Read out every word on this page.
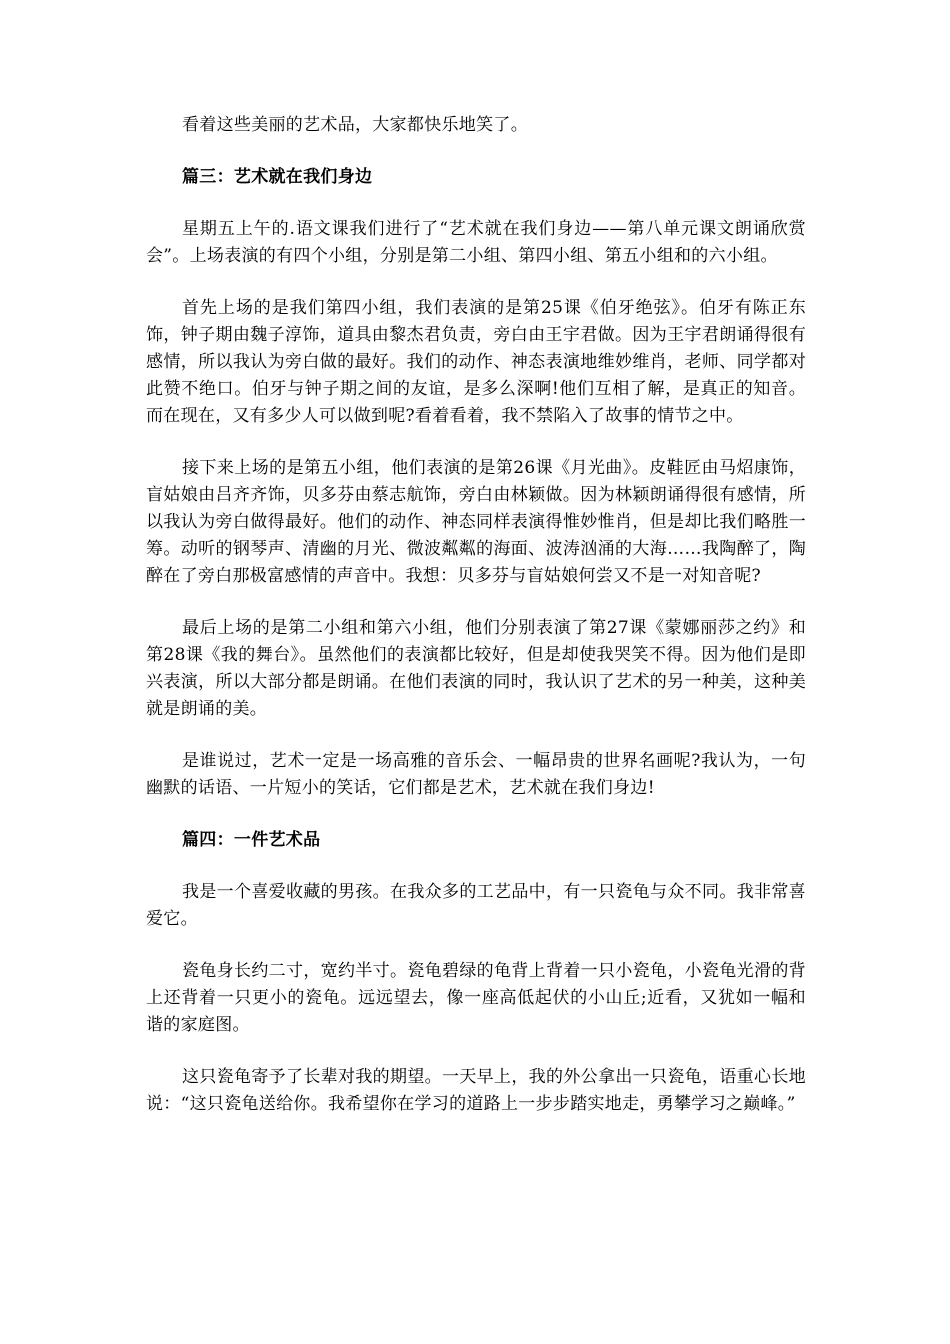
看着这些美丽的艺术品，大家都快乐地笑了。

篇三：艺术就在我们身边

星期五上午的.语文课我们进行了“艺术就在我们身边——第八单元课文朗诵欣赏会”。上场表演的有四个小组，分别是第二小组、第四小组、第五小组和的六小组。

首先上场的是我们第四小组，我们表演的是第25课《伯牙绝弦》。伯牙有陈正东饰，钟子期由魏子淳饰，道具由黎杰君负责，旁白由王宇君做。因为王宇君朗诵得很有感情，所以我认为旁白做的最好。我们的动作、神态表演地维妙维肖，老师、同学都对此赞不绝口。伯牙与钟子期之间的友谊，是多么深啊!他们互相了解，是真正的知音。而在现在，又有多少人可以做到呢?看着看着，我不禁陷入了故事的情节之中。

接下来上场的是第五小组，他们表演的是第26课《月光曲》。皮鞋匠由马炤康饰，盲姑娘由吕齐齐饰，贝多芬由蔡志航饰，旁白由林颖做。因为林颖朗诵得很有感情，所以我认为旁白做得最好。他们的动作、神态同样表演得惟妙惟肖，但是却比我们略胜一筹。动听的钢琴声、清幽的月光、微波粼粼的海面、波涛汹涌的大海……我陶醉了，陶醉在了旁白那极富感情的声音中。我想：贝多芬与盲姑娘何尝又不是一对知音呢?

最后上场的是第二小组和第六小组，他们分别表演了第27课《蒙娜丽莎之约》和第28课《我的舞台》。虽然他们的表演都比较好，但是却使我哭笑不得。因为他们是即兴表演，所以大部分都是朗诵。在他们表演的同时，我认识了艺术的另一种美，这种美就是朗诵的美。

是谁说过，艺术一定是一场高雅的音乐会、一幅昂贵的世界名画呢?我认为，一句幽默的话语、一片短小的笑话，它们都是艺术，艺术就在我们身边!

篇四：一件艺术品

我是一个喜爱收藏的男孩。在我众多的工艺品中，有一只瓷龟与众不同。我非常喜爱它。

瓷龟身长约二寸，宽约半寸。瓷龟碧绿的龟背上背着一只小瓷龟，小瓷龟光滑的背上还背着一只更小的瓷龟。远远望去，像一座高低起伏的小山丘;近看，又犹如一幅和谐的家庭图。

这只瓷龟寄予了长辈对我的期望。一天早上，我的外公拿出一只瓷龟，语重心长地说：“这只瓷龟送给你。我希望你在学习的道路上一步步踏实地走，勇攀学习之巅峰。”
